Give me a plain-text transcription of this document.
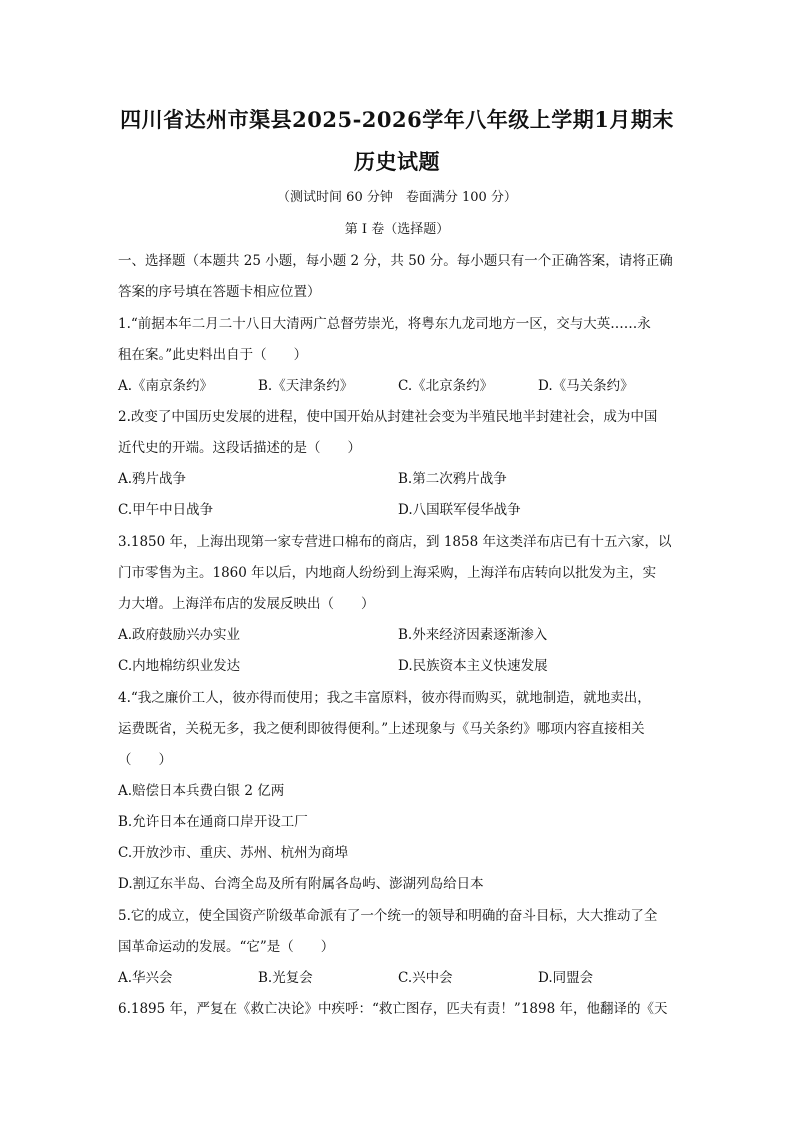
四川省达州市渠县2025-2026学年八年级上学期1月期末
历史试题
（测试时间 60 分钟　卷面满分 100 分）
第 I 卷（选择题）
一、选择题（本题共 25 小题，每小题 2 分，共 50 分。每小题只有一个正确答案，请将正确
答案的序号填在答题卡相应位置）
1.“前据本年二月二十八日大清两广总督劳崇光，将粤东九龙司地方一区，交与大英……永
租在案。”此史料出自于（　　）
A.《南京条约》	B.《天津条约》	C.《北京条约》	D.《马关条约》
2.改变了中国历史发展的进程，使中国开始从封建社会变为半殖民地半封建社会，成为中国
近代史的开端。这段话描述的是（　　）
A.鸦片战争	B.第二次鸦片战争
C.甲午中日战争	D.八国联军侵华战争
3.1850 年，上海出现第一家专营进口棉布的商店，到 1858 年这类洋布店已有十五六家，以
门市零售为主。1860 年以后，内地商人纷纷到上海采购，上海洋布店转向以批发为主，实
力大增。上海洋布店的发展反映出（　　）
A.政府鼓励兴办实业	B.外来经济因素逐渐渗入
C.内地棉纺织业发达	D.民族资本主义快速发展
4.“我之廉价工人，彼亦得而使用；我之丰富原料，彼亦得而购买，就地制造，就地卖出，
运费既省，关税无多，我之便利即彼得便利。”上述现象与《马关条约》哪项内容直接相关
（　　）
A.赔偿日本兵费白银 2 亿两
B.允许日本在通商口岸开设工厂
C.开放沙市、重庆、苏州、杭州为商埠
D.割辽东半岛、台湾全岛及所有附属各岛屿、澎湖列岛给日本
5.它的成立，使全国资产阶级革命派有了一个统一的领导和明确的奋斗目标，大大推动了全
国革命运动的发展。“它”是（　　）
A.华兴会	B.光复会	C.兴中会	D.同盟会
6.1895 年，严复在《救亡决论》中疾呼：“救亡图存，匹夫有责！”1898 年，他翻译的《天
